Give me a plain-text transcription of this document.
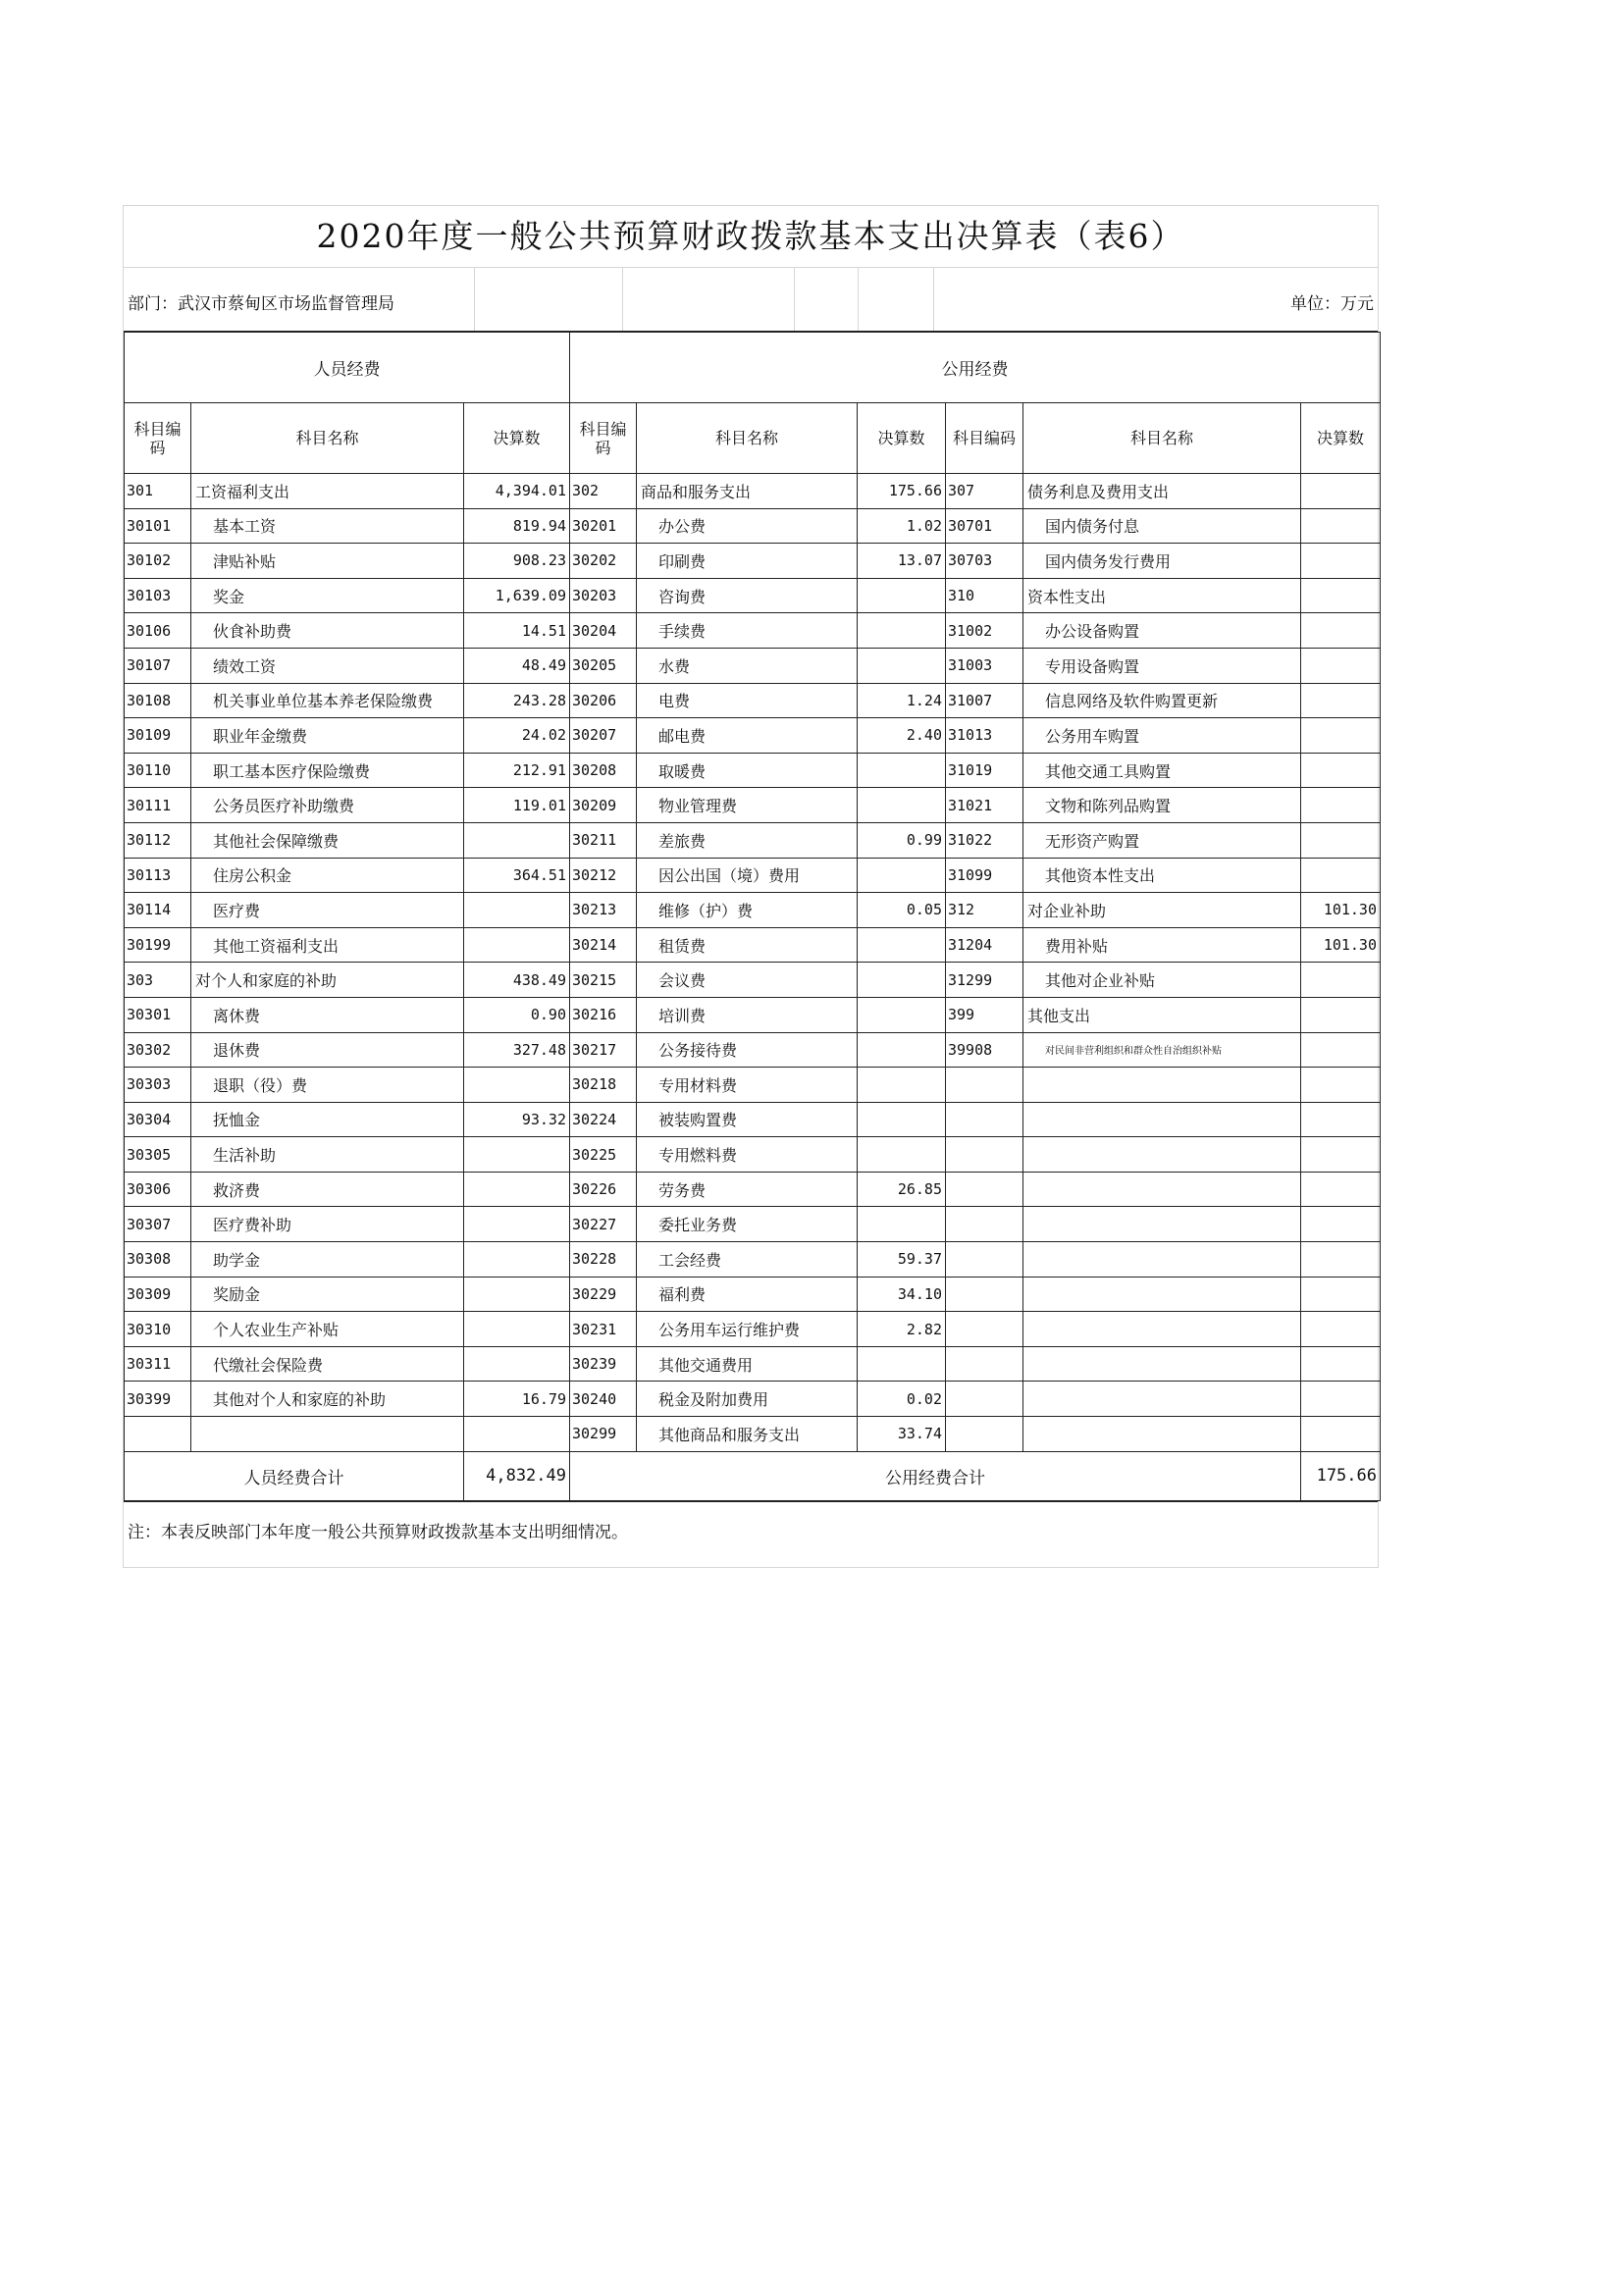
2020年度一般公共预算财政拨款基本支出决算表（表6）
部门：武汉市蔡甸区市场监督管理局	单位：万元
人员经费			公用经费					
科目编码	科目名称	决算数	科目编码	科目名称	决算数	科目编码	科目名称	决算数
301	工资福利支出	4,394.01	302	商品和服务支出	175.66	307	债务利息及费用支出	
30101	基本工资	819.94	30201	办公费	1.02	30701	国内债务付息	
30102	津贴补贴	908.23	30202	印刷费	13.07	30703	国内债务发行费用	
30103	奖金	1,639.09	30203	咨询费		310	资本性支出	
30106	伙食补助费	14.51	30204	手续费		31002	办公设备购置	
30107	绩效工资	48.49	30205	水费		31003	专用设备购置	
30108	机关事业单位基本养老保险缴费	243.28	30206	电费	1.24	31007	信息网络及软件购置更新	
30109	职业年金缴费	24.02	30207	邮电费	2.40	31013	公务用车购置	
30110	职工基本医疗保险缴费	212.91	30208	取暖费		31019	其他交通工具购置	
30111	公务员医疗补助缴费	119.01	30209	物业管理费		31021	文物和陈列品购置	
30112	其他社会保障缴费		30211	差旅费	0.99	31022	无形资产购置	
30113	住房公积金	364.51	30212	因公出国（境）费用		31099	其他资本性支出	
30114	医疗费		30213	维修（护）费	0.05	312	对企业补助	101.30
30199	其他工资福利支出		30214	租赁费		31204	费用补贴	101.30
303	对个人和家庭的补助	438.49	30215	会议费		31299	其他对企业补贴	
30301	离休费	0.90	30216	培训费		399	其他支出	
30302	退休费	327.48	30217	公务接待费		39908	对民间非营利组织和群众性自治组织补贴	
30303	退职（役）费		30218	专用材料费				
30304	抚恤金	93.32	30224	被装购置费				
30305	生活补助		30225	专用燃料费				
30306	救济费		30226	劳务费	26.85			
30307	医疗费补助		30227	委托业务费				
30308	助学金		30228	工会经费	59.37			
30309	奖励金		30229	福利费	34.10			
30310	个人农业生产补贴		30231	公务用车运行维护费	2.82			
30311	代缴社会保险费		30239	其他交通费用				
30399	其他对个人和家庭的补助	16.79	30240	税金及附加费用	0.02			
			30299	其他商品和服务支出	33.74			
人员经费合计		4,832.49	公用经费合计					175.66
注：本表反映部门本年度一般公共预算财政拨款基本支出明细情况。
